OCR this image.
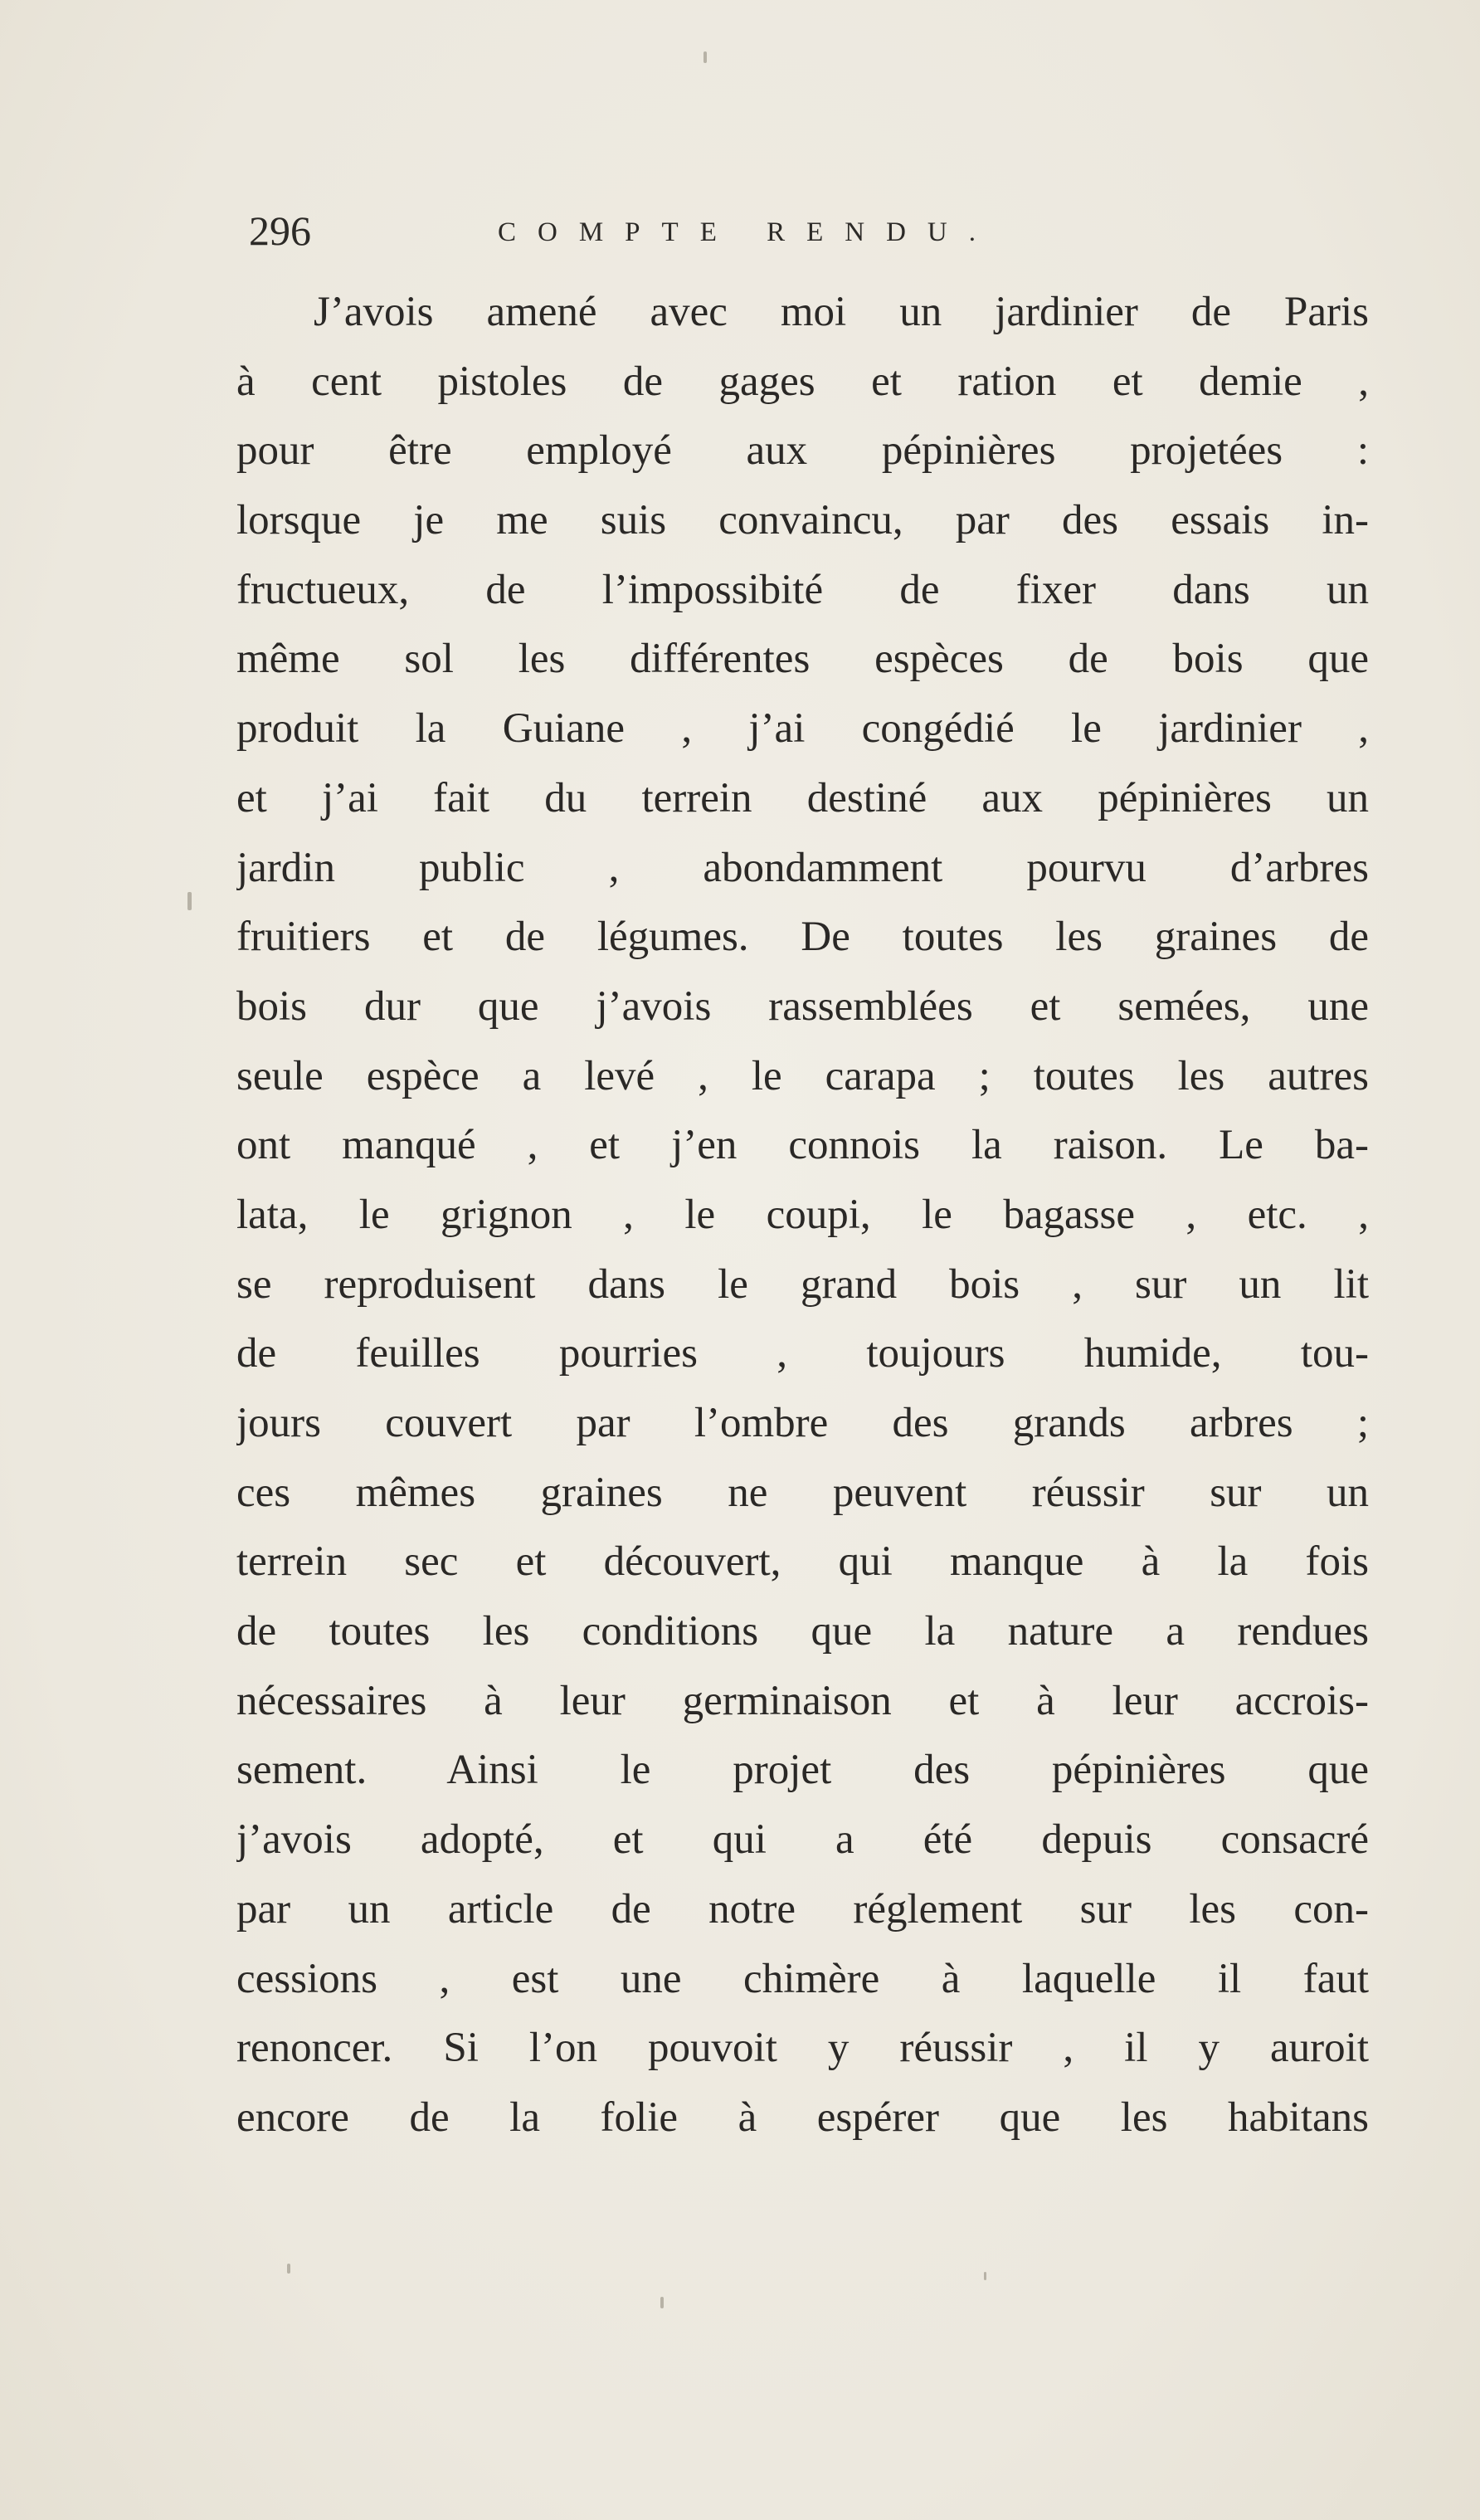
296	COMPTE RENDU.
J’avois amené avec moi un jardinier de Paris
à cent pistoles de gages et ration et demie ,
pour être employé aux pépinières projetées :
lorsque je me suis convaincu, par des essais in-
fructueux, de l’impossibité de fixer dans un
même sol les différentes espèces de bois que
produit la Guiane , j’ai congédié le jardinier ,
et j’ai fait du terrein destiné aux pépinières un
jardin public , abondamment pourvu d’arbres
fruitiers et de légumes. De toutes les graines de
bois dur que j’avois rassemblées et semées, une
seule espèce a levé , le carapa ; toutes les autres
ont manqué , et j’en connois la raison. Le ba-
lata, le grignon , le coupi, le bagasse , etc. ,
se reproduisent dans le grand bois , sur un lit
de feuilles pourries , toujours humide, tou-
jours couvert par l’ombre des grands arbres ;
ces mêmes graines ne peuvent réussir sur un
terrein sec et découvert, qui manque à la fois
de toutes les conditions que la nature a rendues
nécessaires à leur germinaison et à leur accrois-
sement. Ainsi le projet des pépinières que
j’avois adopté, et qui a été depuis consacré
par un article de notre réglement sur les con-
cessions , est une chimère à laquelle il faut
renoncer. Si l’on pouvoit y réussir , il y auroit
encore de la folie à espérer que les habitans
